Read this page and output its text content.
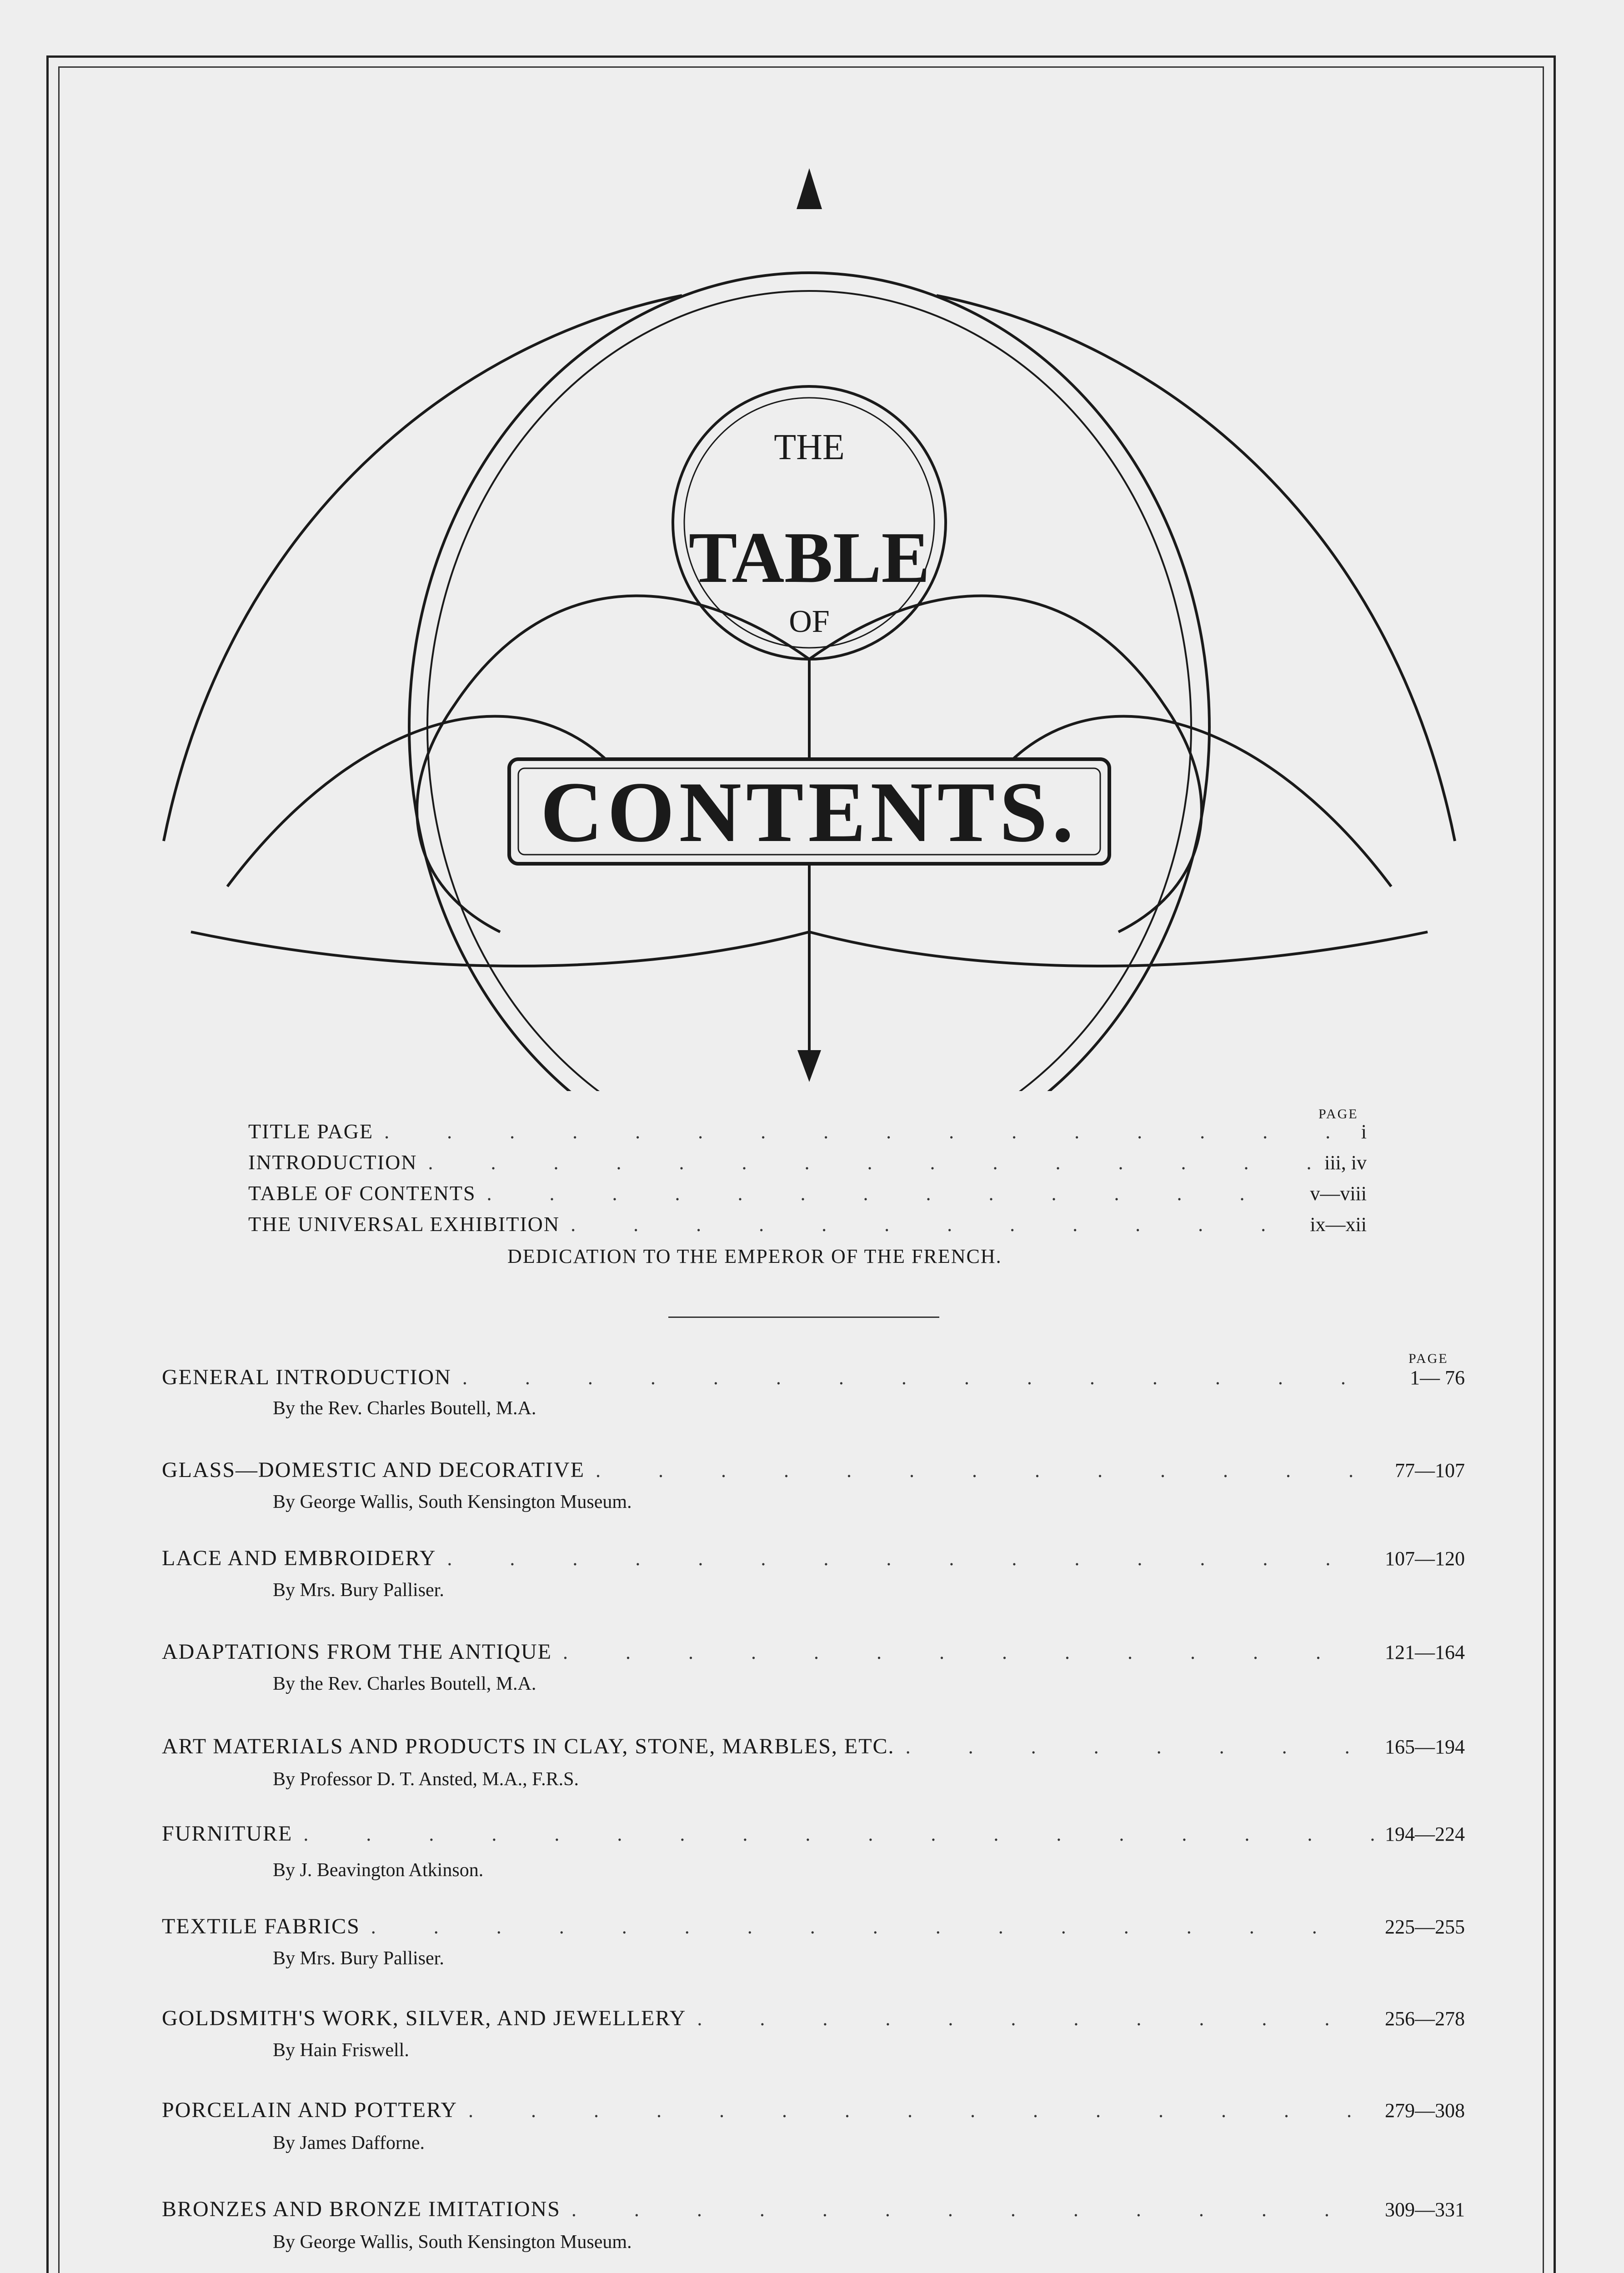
THE
TABLE
OF
CONTENTS.
PAGE
TITLE PAGE . . .	i
INTRODUCTION . . .	iii, iv
TABLE OF CONTENTS . . .	v—viii
THE UNIVERSAL EXHIBITION . . .	ix—xii
DEDICATION TO THE EMPEROR OF THE FRENCH.
PAGE
GENERAL INTRODUCTION . . .	1— 76
By the Rev. Charles Boutell, M.A.
GLASS—DOMESTIC AND DECORATIVE . . .	77—107
By George Wallis, South Kensington Museum.
LACE AND EMBROIDERY . . .	107—120
By Mrs. Bury Palliser.
ADAPTATIONS FROM THE ANTIQUE . . .	121—164
By the Rev. Charles Boutell, M.A.
ART MATERIALS AND PRODUCTS IN CLAY, STONE, MARBLES, ETC. . . .	165—194
By Professor D. T. Ansted, M.A., F.R.S.
FURNITURE . . .	194—224
By J. Beavington Atkinson.
TEXTILE FABRICS . . .	225—255
By Mrs. Bury Palliser.
GOLDSMITH'S WORK, SILVER, AND JEWELLERY . . .	256—278
By Hain Friswell.
PORCELAIN AND POTTERY . . .	279—308
By James Dafforne.
BRONZES AND BRONZE IMITATIONS . . .	309—331
By George Wallis, South Kensington Museum.
